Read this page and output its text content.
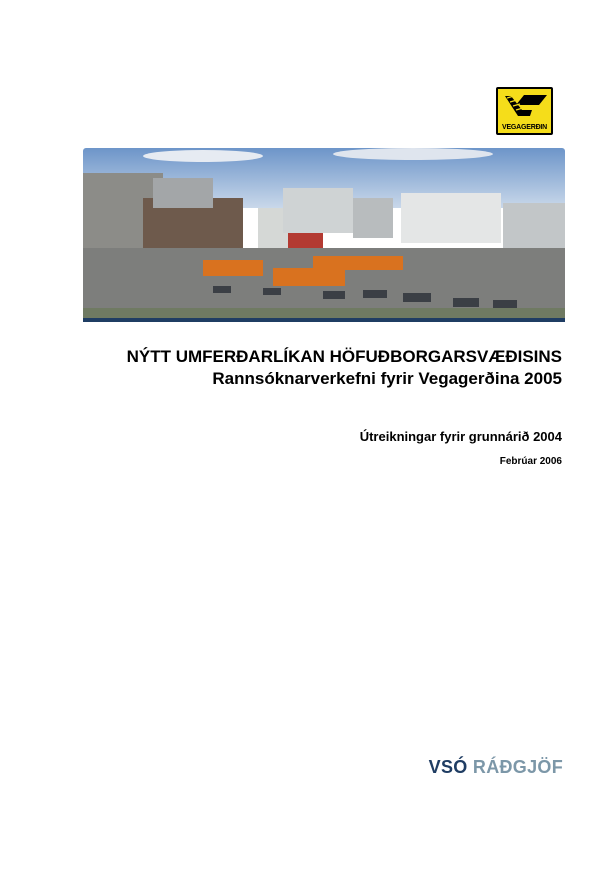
VEGAGERÐIN
NÝTT UMFERÐARLÍKAN HÖFUÐBORGARSVÆÐISINS
Rannsóknarverkefni fyrir Vegagerðina 2005
Útreikningar fyrir grunnárið 2004
Febrúar 2006
VSÓ RÁÐGJÖF
